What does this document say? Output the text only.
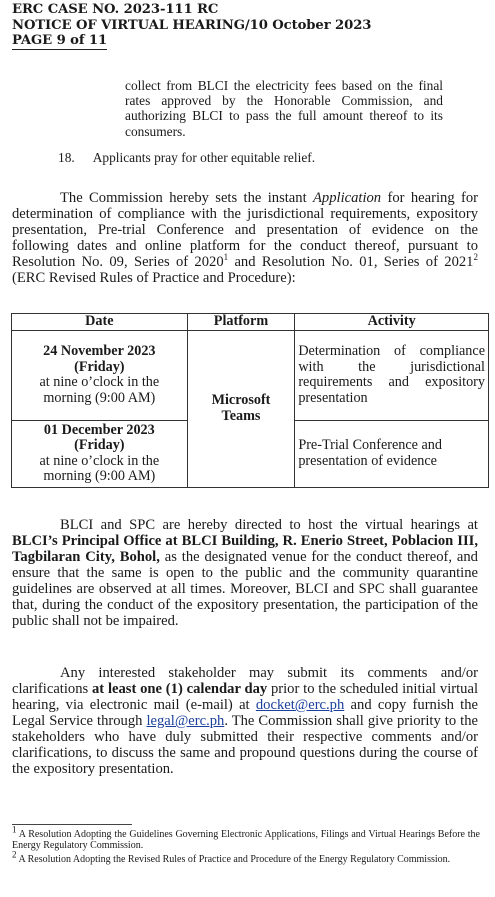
ERC CASE NO. 2023-111 RC
NOTICE OF VIRTUAL HEARING/10 October 2023
PAGE 9 of 11
collect from BLCI the electricity fees based on the final rates approved by the Honorable Commission, and authorizing BLCI to pass the full amount thereof to its consumers.
18. Applicants pray for other equitable relief.
The Commission hereby sets the instant Application for hearing for determination of compliance with the jurisdictional requirements, expository presentation, Pre-trial Conference and presentation of evidence on the following dates and online platform for the conduct thereof, pursuant to Resolution No. 09, Series of 2020$^1$ and Resolution No. 01, Series of 2021$^2$ (ERC Revised Rules of Practice and Procedure):
Date	Platform	Activity

24 November 2023
(Friday)
at nine o’clock in the morning (9:00 AM)	Microsoft Teams	Determination of compliance with the jurisdictional requirements and expository presentation

01 December 2023
(Friday)
at nine o’clock in the morning (9:00 AM)		Pre-Trial Conference and presentation of evidence
BLCI and SPC are hereby directed to host the virtual hearings at BLCI’s Principal Office at BLCI Building, R. Enerio Street, Poblacion III, Tagbilaran City, Bohol, as the designated venue for the conduct thereof, and ensure that the same is open to the public and the community quarantine guidelines are observed at all times. Moreover, BLCI and SPC shall guarantee that, during the conduct of the expository presentation, the participation of the public shall not be impaired.
Any interested stakeholder may submit its comments and/or clarifications at least one (1) calendar day prior to the scheduled initial virtual hearing, via electronic mail (e-mail) at docket@erc.ph and copy furnish the Legal Service through legal@erc.ph. The Commission shall give priority to the stakeholders who have duly submitted their respective comments and/or clarifications, to discuss the same and propound questions during the course of the expository presentation.
$^1$ A Resolution Adopting the Guidelines Governing Electronic Applications, Filings and Virtual Hearings Before the Energy Regulatory Commission.
$^2$ A Resolution Adopting the Revised Rules of Practice and Procedure of the Energy Regulatory Commission.
